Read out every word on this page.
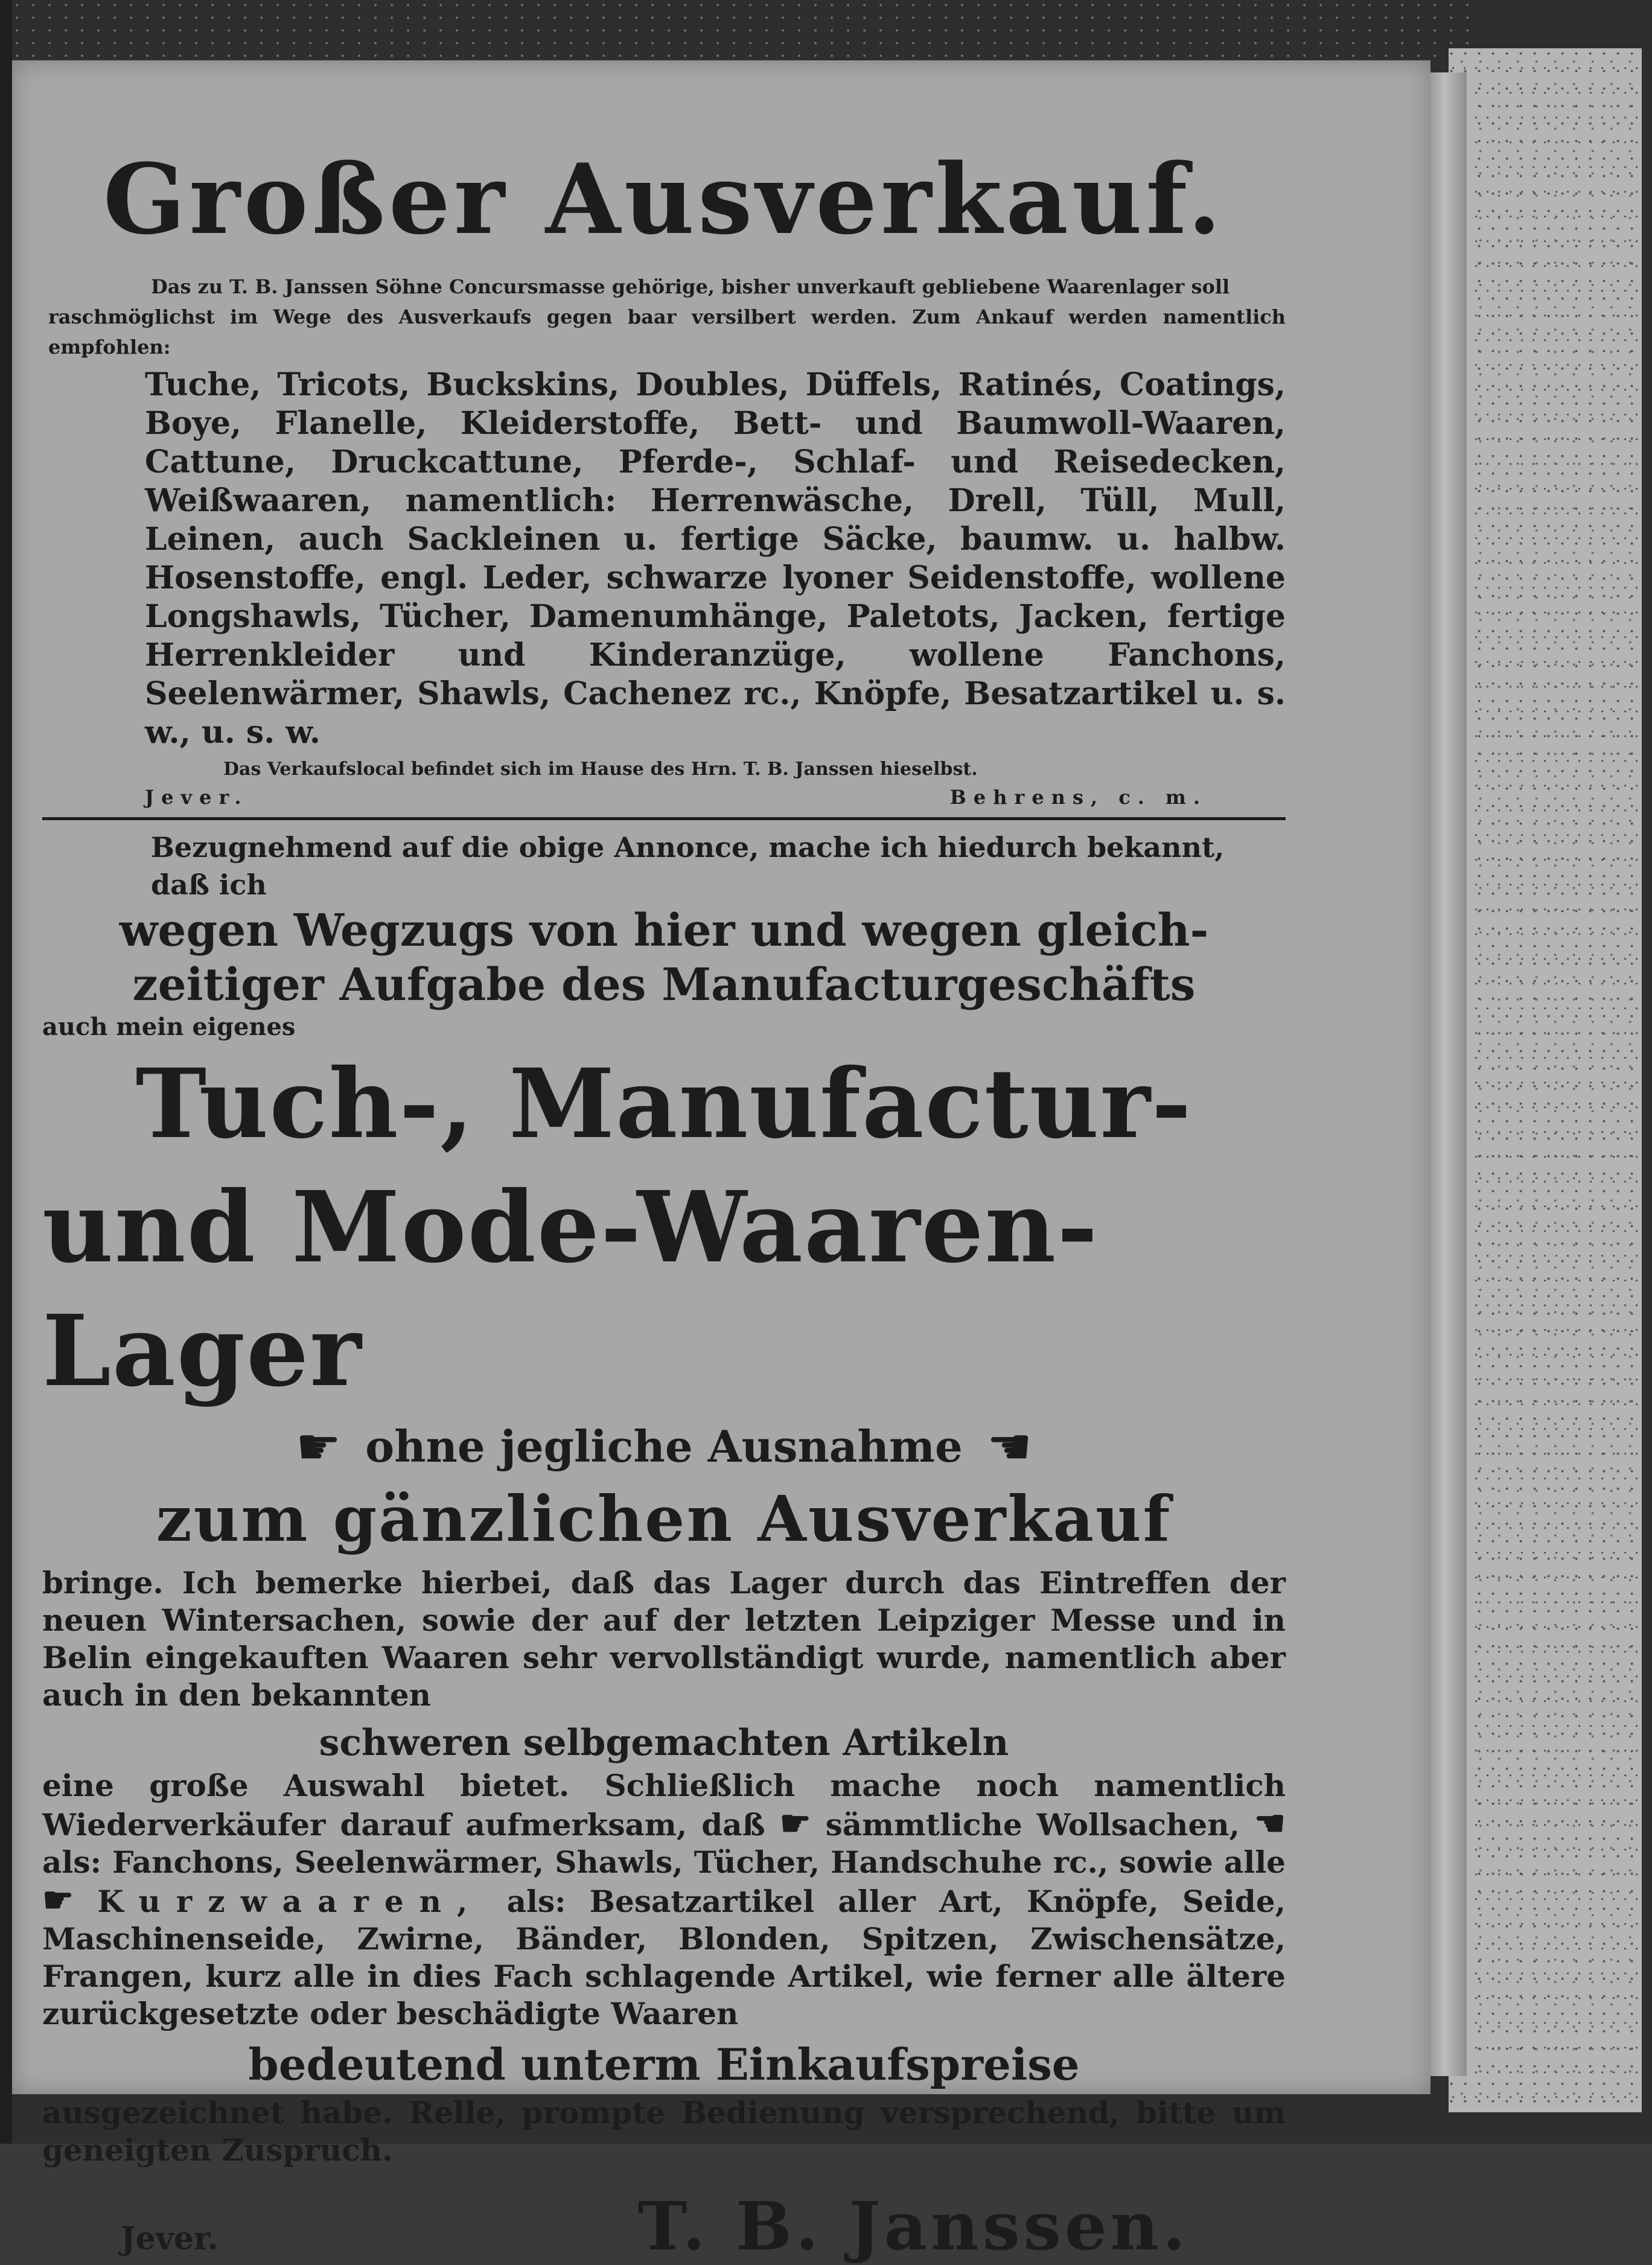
Großer Ausverkauf.

Das zu T. B. Janssen Söhne Concursmasse gehörige, bisher unverkauft gebliebene Waarenlager soll

raschmöglichst im Wege des Ausverkaufs gegen baar versilbert werden. Zum Ankauf werden namentlich empfohlen:

Tuche, Tricots, Buckskins, Doubles, Düffels, Ratinés, Coatings, Boye, Flanelle, Kleiderstoffe, Bett- und Baumwoll-Waaren, Cattune, Druckcattune, Pferde-, Schlaf- und Reisedecken, Weißwaaren, namentlich: Herrenwäsche, Drell, Tüll, Mull, Leinen, auch Sackleinen u. fertige Säcke, baumw. u. halbw. Hosenstoffe, engl. Leder, schwarze lyoner Seidenstoffe, wollene Longshawls, Tücher, Damenumhänge, Paletots, Jacken, fertige Herrenkleider und Kinderanzüge, wollene Fanchons, Seelenwärmer, Shawls, Cachenez rc., Knöpfe, Besatzartikel u. s. w., u. s. w.

Das Verkaufslocal befindet sich im Hause des Hrn. T. B. Janssen hieselbst.

Jever.	Behrens, c. m.

Bezugnehmend auf die obige Annonce, mache ich hiedurch bekannt, daß ich

wegen Wegzugs von hier und wegen gleich-

zeitiger Aufgabe des Manufacturgeschäfts

auch mein eigenes

Tuch-, Manufactur-

und Mode-Waaren-Lager

☛ ohne jegliche Ausnahme ☚

zum gänzlichen Ausverkauf

bringe. Ich bemerke hierbei, daß das Lager durch das Eintreffen der neuen Wintersachen, sowie der auf der letzten Leipziger Messe und in Belin eingekauften Waaren sehr vervollständigt wurde, namentlich aber auch in den bekannten

schweren selbgemachten Artikeln

eine große Auswahl bietet. Schließlich mache noch namentlich Wiederverkäufer darauf aufmerksam, daß ☛ sämmtliche Wollsachen, ☚ als: Fanchons, Seelenwärmer, Shawls, Tücher, Handschuhe rc., sowie alle ☛ Kurzwaaren, als: Besatzartikel aller Art, Knöpfe, Seide, Maschinenseide, Zwirne, Bänder, Blonden, Spitzen, Zwischensätze, Frangen, kurz alle in dies Fach schlagende Artikel, wie ferner alle ältere zurückgesetzte oder beschädigte Waaren

bedeutend unterm Einkaufspreise

ausgezeichnet habe. Relle, prompte Bedienung versprechend, bitte um geneigten Zuspruch.

Jever.	T. B. Janssen.
